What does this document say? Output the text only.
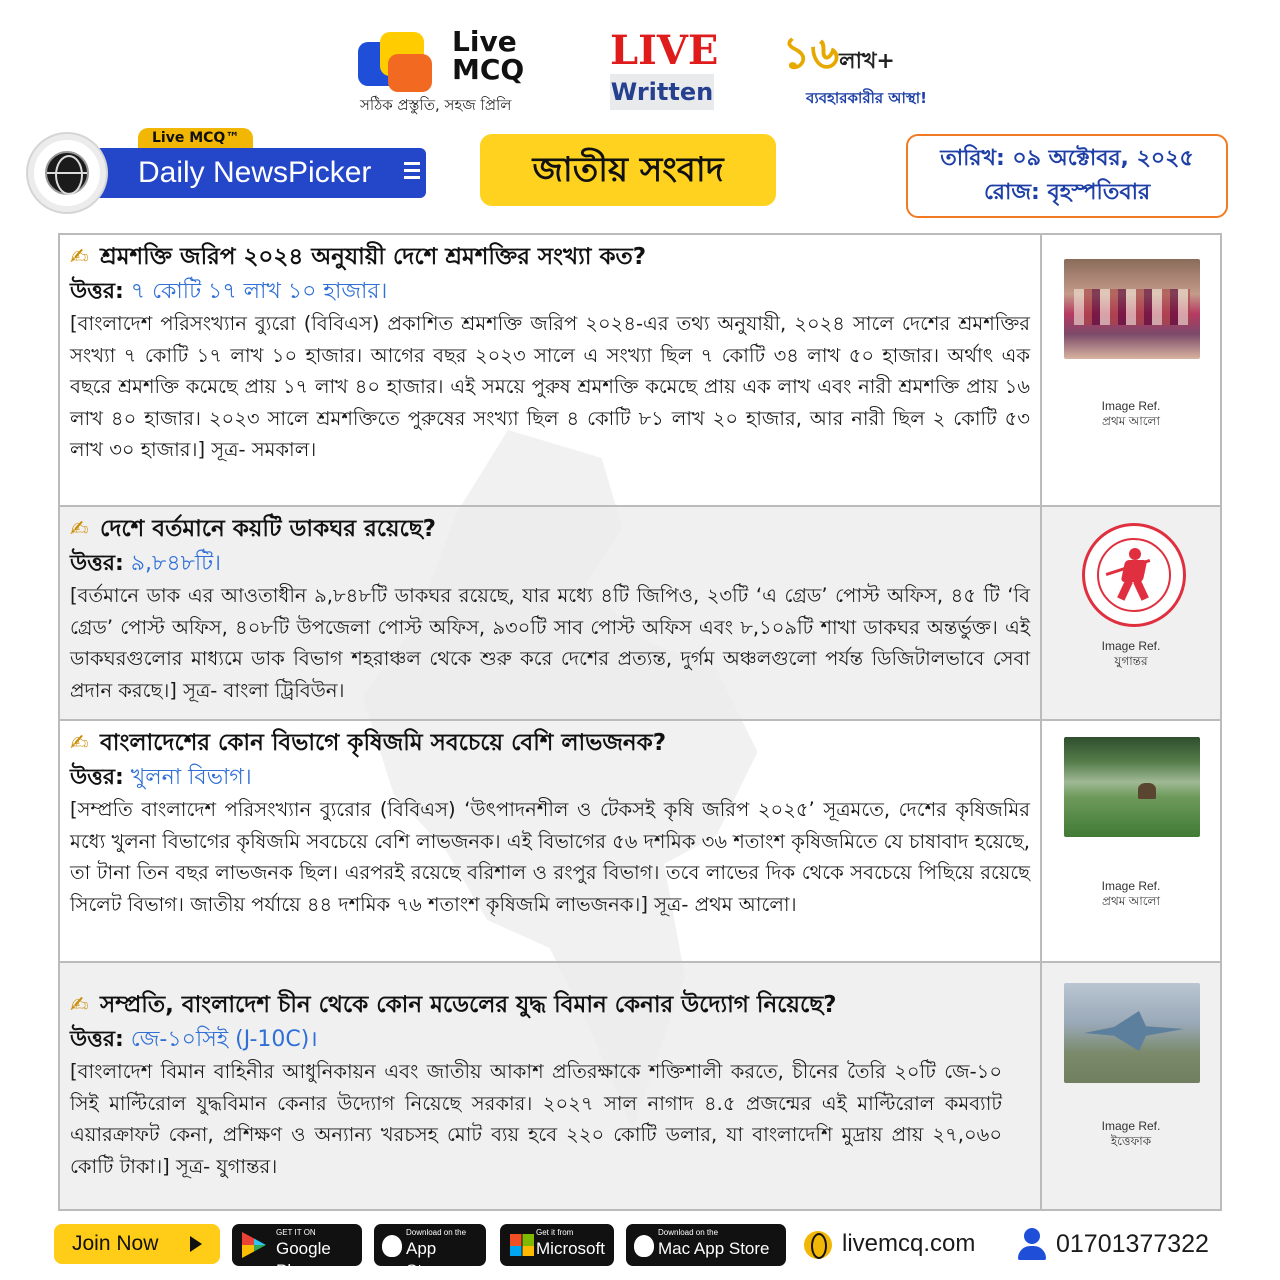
Live
MCQ
সঠিক প্রস্তুতি, সহজ প্রিলি
LIVE
Written
১৬লাখ+
ব্যবহারকারীর আস্থা!
Live MCQ™
Daily NewsPicker	জাতীয় সংবাদ	তারিখ: ০৯ অক্টোবর, ২০২৫
রোজ: বৃহস্পতিবার
✍ শ্রমশক্তি জরিপ ২০২৪ অনুযায়ী দেশে শ্রমশক্তির সংখ্যা কত?
উত্তর: ৭ কোটি ১৭ লাখ ১০ হাজার।
[বাংলাদেশ পরিসংখ্যান ব্যুরো (বিবিএস) প্রকাশিত শ্রমশক্তি জরিপ ২০২৪-এর তথ্য অনুযায়ী, ২০২৪ সালে দেশের শ্রমশক্তির সংখ্যা ৭ কোটি ১৭ লাখ ১০ হাজার। আগের বছর ২০২৩ সালে এ সংখ্যা ছিল ৭ কোটি ৩৪ লাখ ৫০ হাজার। অর্থাৎ এক বছরে শ্রমশক্তি কমেছে প্রায় ১৭ লাখ ৪০ হাজার। এই সময়ে পুরুষ শ্রমশক্তি কমেছে প্রায় এক লাখ এবং নারী শ্রমশক্তি প্রায় ১৬ লাখ ৪০ হাজার। ২০২৩ সালে শ্রমশক্তিতে পুরুষের সংখ্যা ছিল ৪ কোটি ৮১ লাখ ২০ হাজার, আর নারী ছিল ২ কোটি ৫৩ লাখ ৩০ হাজার।] সূত্র- সমকাল।
Image Ref.
প্রথম আলো
✍ দেশে বর্তমানে কয়টি ডাকঘর রয়েছে?
উত্তর: ৯,৮৪৮টি।
[বর্তমানে ডাক এর আওতাধীন ৯,৮৪৮টি ডাকঘর রয়েছে, যার মধ্যে ৪টি জিপিও, ২৩টি ‘এ গ্রেড’ পোস্ট অফিস, ৪৫ টি ‘বি গ্রেড’ পোস্ট অফিস, ৪০৮টি উপজেলা পোস্ট অফিস, ৯৩০টি সাব পোস্ট অফিস এবং ৮,১০৯টি শাখা ডাকঘর অন্তর্ভুক্ত। এই ডাকঘরগুলোর মাধ্যমে ডাক বিভাগ শহরাঞ্চল থেকে শুরু করে দেশের প্রত্যন্ত, দুর্গম অঞ্চলগুলো পর্যন্ত ডিজিটালভাবে সেবা প্রদান করছে।] সূত্র- বাংলা ট্রিবিউন।
Image Ref.
যুগান্তর
✍ বাংলাদেশের কোন বিভাগে কৃষিজমি সবচেয়ে বেশি লাভজনক?
উত্তর: খুলনা বিভাগ।
[সম্প্রতি বাংলাদেশ পরিসংখ্যান ব্যুরোর (বিবিএস) ‘উৎপাদনশীল ও টেকসই কৃষি জরিপ ২০২৫’ সূত্রমতে, দেশের কৃষিজমির মধ্যে খুলনা বিভাগের কৃষিজমি সবচেয়ে বেশি লাভজনক। এই বিভাগের ৫৬ দশমিক ৩৬ শতাংশ কৃষিজমিতে যে চাষাবাদ হয়েছে, তা টানা তিন বছর লাভজনক ছিল। এরপরই রয়েছে বরিশাল ও রংপুর বিভাগ। তবে লাভের দিক থেকে সবচেয়ে পিছিয়ে রয়েছে সিলেট বিভাগ। জাতীয় পর্যায়ে ৪৪ দশমিক ৭৬ শতাংশ কৃষিজমি লাভজনক।] সূত্র- প্রথম আলো।
Image Ref.
প্রথম আলো
✍ সম্প্রতি, বাংলাদেশ চীন থেকে কোন মডেলের যুদ্ধ বিমান কেনার উদ্যোগ নিয়েছে?
উত্তর: জে-১০সিই (J-10C)।
[বাংলাদেশ বিমান বাহিনীর আধুনিকায়ন এবং জাতীয় আকাশ প্রতিরক্ষাকে শক্তিশালী করতে, চীনের তৈরি ২০টি জে-১০ সিই মাল্টিরোল যুদ্ধবিমান কেনার উদ্যোগ নিয়েছে সরকার। ২০২৭ সাল নাগাদ ৪.৫ প্রজন্মের এই মাল্টিরোল কমব্যাট এয়ারক্রাফট কেনা, প্রশিক্ষণ ও অন্যান্য খরচসহ মোট ব্যয় হবে ২২০ কোটি ডলার, যা বাংলাদেশি মুদ্রায় প্রায় ২৭,০৬০ কোটি টাকা।] সূত্র- যুগান্তর।
Image Ref.
ইত্তেফাক
Join Now	GET IT ON
Google Play
Download on the
App Store
Get it from
Microsoft
Download on the
Mac App Store	livemcq.com	01701377322
